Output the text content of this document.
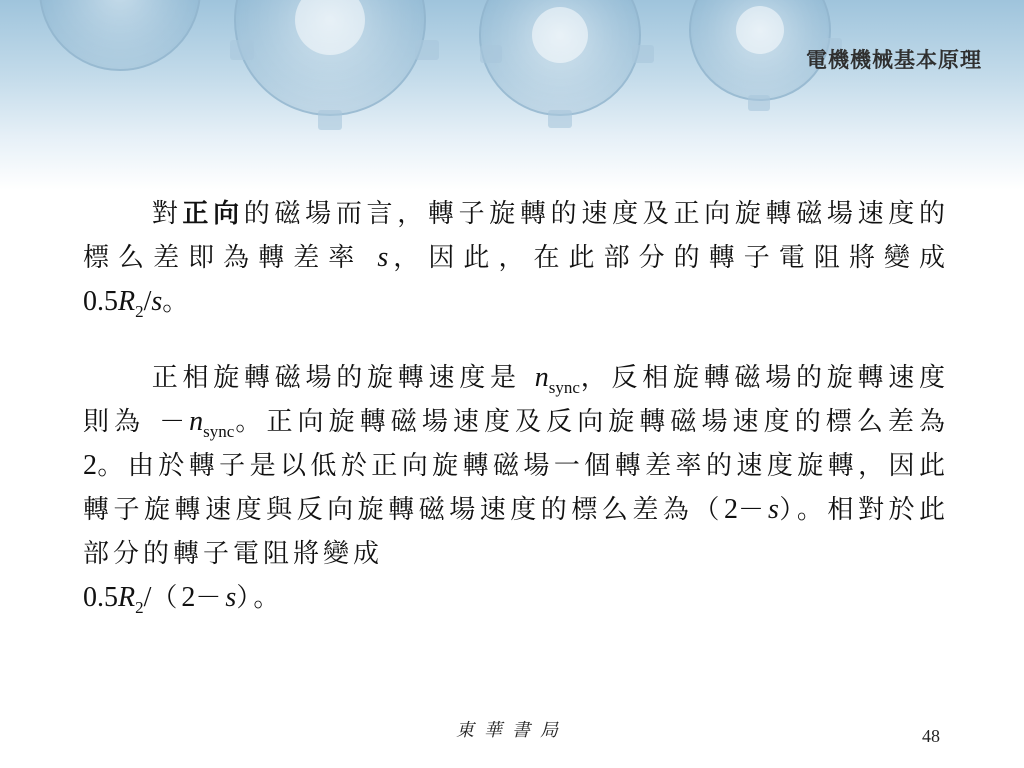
電機機械基本原理
對正向的磁場而言，轉子旋轉的速度及正向旋轉磁場速度的標么差即為轉差率 s，因此，在此部分的轉子電阻將變成 $0.5R_2/s$。
正相旋轉磁場的旋轉速度是 $n_{sync}$，反相旋轉磁場的旋轉速度則為 $-n_{sync}$。正向旋轉磁場速度及反向旋轉磁場速度的標么差為 2。由於轉子是以低於正向旋轉磁場一個轉差率的速度旋轉，因此轉子旋轉速度與反向旋轉磁場速度的標么差為（2－s）。相對於此部分的轉子電阻將變成
$0.5R_2/(2-s)$。
東華書局	48
